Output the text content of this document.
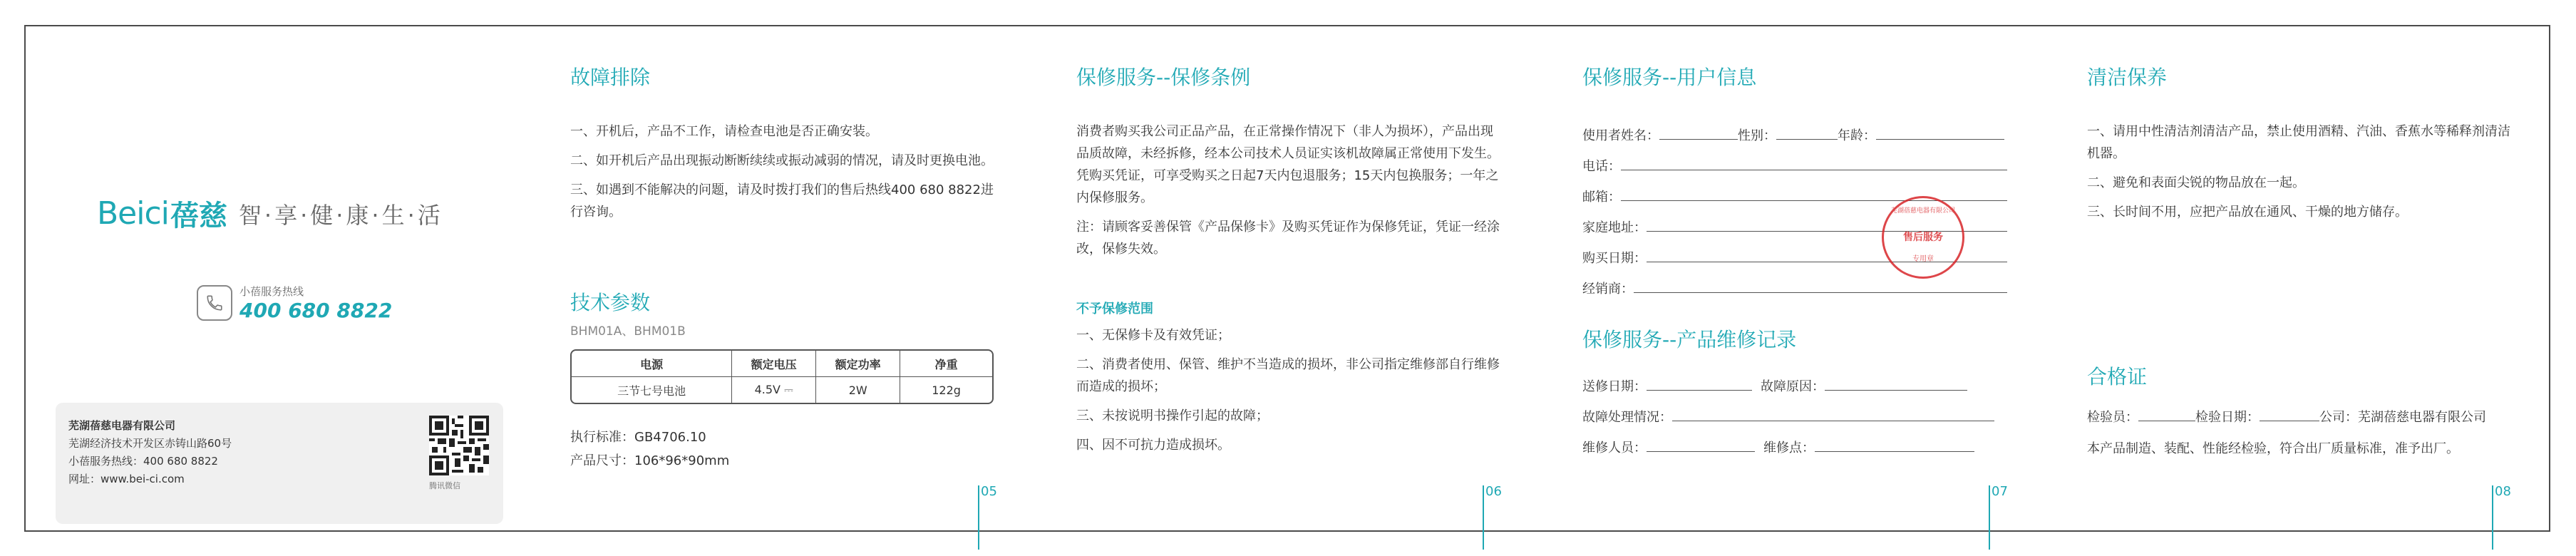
Beici 蓓慈 智·享·健·康·生·活
小蓓服务热线
400 680 8822
芜湖蓓慈电器有限公司
芜湖经济技术开发区赤铸山路60号
小蓓服务热线：400 680 8822
网址：www.bei-ci.com
腾讯微信
故障排除

一、开机后，产品不工作，请检查电池是否正确安装。

二、如开机后产品出现振动断断续续或振动减弱的情况，请及时更换电池。

三、如遇到不能解决的问题，请及时拨打我们的售后热线400 680 8822进行咨询。

技术参数
BHM01A、BHM01B
电源	额定电压	额定功率	净重
三节七号电池	4.5V ⎓	2W	122g
执行标准：GB4706.10
产品尺寸：106*96*90mm
05
保修服务--保修条例

消费者购买我公司正品产品，在正常操作情况下（非人为损坏），产品出现品质故障，未经拆修，经本公司技术人员证实该机故障属正常使用下发生。凭购买凭证，可享受购买之日起7天内包退服务；15天内包换服务；一年之内保修服务。

注：请顾客妥善保管《产品保修卡》及购买凭证作为保修凭证，凭证一经涂改，保修失效。

不予保修范围

一、无保修卡及有效凭证；

二、消费者使用、保管、维护不当造成的损坏，非公司指定维修部自行维修而造成的损坏；

三、未按说明书操作引起的故障；

四、因不可抗力造成损坏。

06
保修服务--用户信息
使用者姓名：	性别：	年龄：
电话：
邮箱：
家庭地址：
购买日期：
经销商：
芜湖蓓慈电器有限公司
售后服务
专用章
保修服务--产品维修记录
送修日期：	故障原因：
故障处理情况：
维修人员：	维修点：
07
清洁保养

一、请用中性清洁剂清洁产品，禁止使用酒精、汽油、香蕉水等稀释剂清洁机器。

二、避免和表面尖锐的物品放在一起。

三、长时间不用，应把产品放在通风、干燥的地方储存。

合格证
检验员：	检验日期：	公司：芜湖蓓慈电器有限公司
本产品制造、装配、性能经检验，符合出厂质量标准，准予出厂。
08
